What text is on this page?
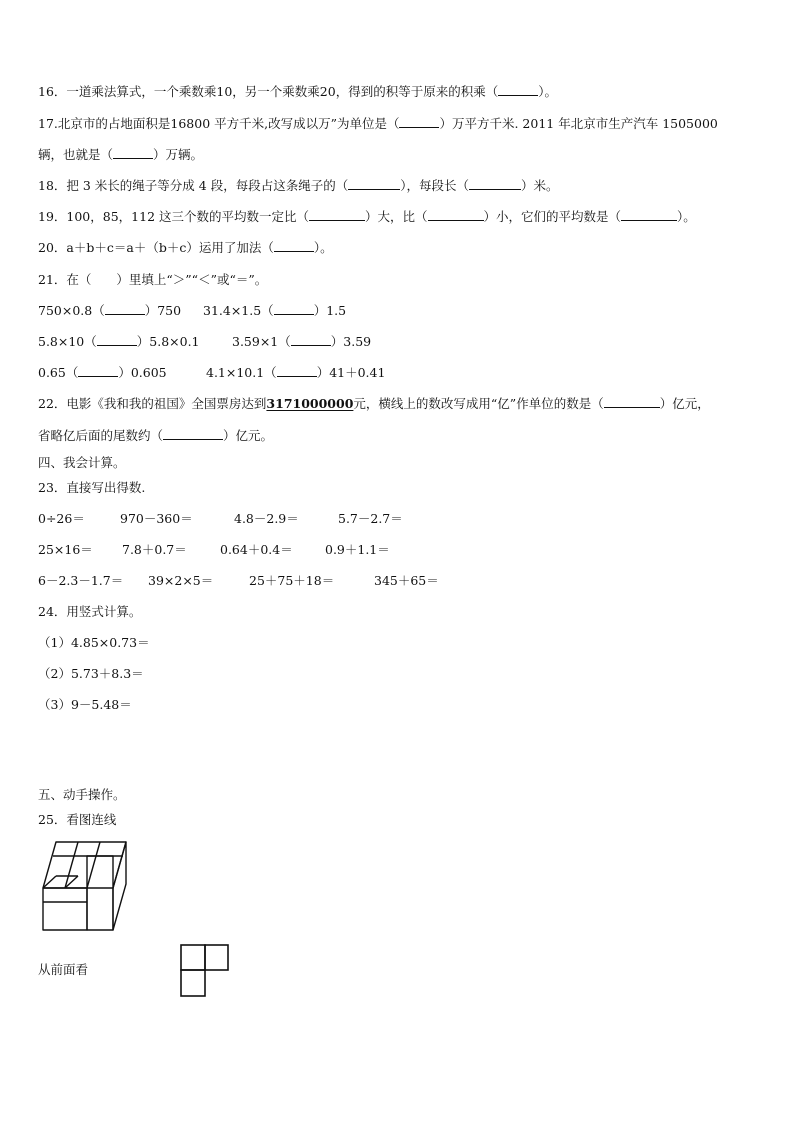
16．一道乘法算式，一个乘数乘10，另一个乘数乘20，得到的积等于原来的积乘（	）。
17.北京市的占地面积是16800 平方千米,改写成以万”为单位是（	）万平方千米. 2011 年北京市生产汽车 1505000
辆，也就是（	）万辆。
18．把 3 米长的绳子等分成 4 段，每段占这条绳子的（	），每段长（	）米。
19．100，85，112 这三个数的平均数一定比（	）大，比（	）小，它们的平均数是（	）。
20．a＋b＋c＝a＋（b＋c）运用了加法（	）。
21．在（　　）里填上“＞”“＜”或“＝”。
750×0.8（	）750 31.4×1.5（	）1.5
5.8×10（	）5.8×0.1	3.59×1（	）3.59
0.65（	）0.605	4.1×10.1（	）41＋0.41
22．电影《我和我的祖国》全国票房达到3171000000元，横线上的数改写成用“亿”作单位的数是（	）亿元，
省略亿后面的尾数约（	）亿元。
四、我会计算。
23．直接写出得数.
0÷26＝	970－360＝	4.8－2.9＝	5.7－2.7＝
25×16＝ 7.8＋0.7＝	0.64＋0.4＝	0.9＋1.1＝
6－2.3－1.7＝ 39×2×5＝	25＋75＋18＝	345＋65＝
24．用竖式计算。
（1）4.85×0.73＝
（2）5.73＋8.3＝
（3）9－5.48＝
五、动手操作。
25．看图连线
从前面看
